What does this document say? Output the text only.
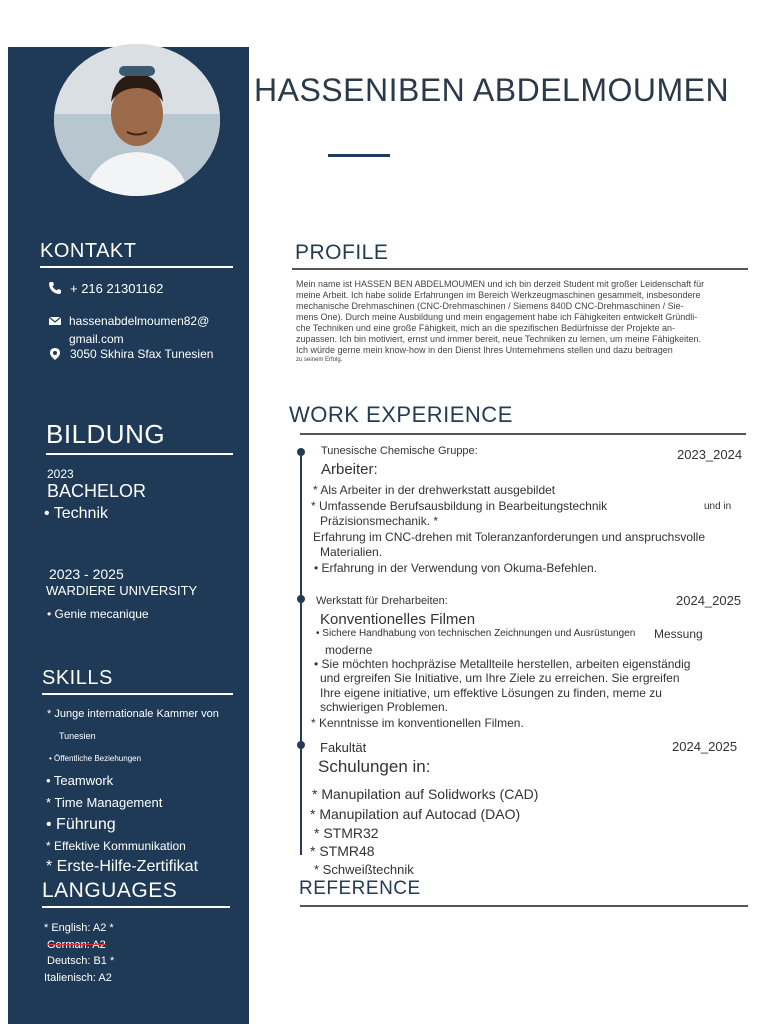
KONTAKT
+ 216 21301162
hassenabdelmoumen82@
gmail.com
3050 Skhira Sfax Tunesien
BILDUNG
2023
BACHELOR
• Technik
2023 - 2025
WARDIERE UNIVERSITY
• Genie mecanique
SKILLS
* Junge internationale Kammer von
Tunesien
• Öffentliche Beziehungen
• Teamwork
* Time Management
• Führung
* Effektive Kommunikation
* Erste-Hilfe-Zertifikat
LANGUAGES
* English: A2 *
German: A2
Deutsch: B1 *
Italienisch: A2
HASSENIBEN ABDELMOUMEN
PROFILE
Mein name ist HASSEN BEN ABDELMOUMEN und ich bin derzeit Student mit großer Leidenschaft für
meine Arbeit. Ich habe solide Erfahrungen im Bereich Werkzeugmaschinen gesammelt, insbesondere
mechanische Drehmaschinen (CNC-Drehmaschinen / Siemens 840D CNC-Drehmaschinen / Sie-
mens One). Durch meine Ausbildung und mein engagement habe ich Fähigkeiten entwickelt Gründli-
che Techniken und eine große Fähigkeit, mich an die spezifischen Bedürfnisse der Projekte an-
zupassen. Ich bin motiviert, ernst und immer bereit, neue Techniken zu lernen, um meine Fähigkeiten.
Ich würde gerne mein know-how in den Dienst Ihres Unternehmens stellen und dazu beitragen
zu seinem Erfolg.
WORK EXPERIENCE
Tunesische Chemische Gruppe:	2023_2024
Arbeiter:
* Als Arbeiter in der drehwerkstatt ausgebildet
* Umfassende Berufsausbildung in Bearbeitungstechnik	und in
Präzisionsmechanik. *
Erfahrung im CNC-drehen mit Toleranzanforderungen und anspruchsvolle
Materialien.
• Erfahrung in der Verwendung von Okuma-Befehlen.
Werkstatt für Dreharbeiten:	2024_2025
Konventionelles Filmen
• Sichere Handhabung von technischen Zeichnungen und Ausrüstungen Messung
moderne
• Sie möchten hochpräzise Metallteile herstellen, arbeiten eigenständig
und ergreifen Sie Initiative, um Ihre Ziele zu erreichen. Sie ergreifen
Ihre eigene initiative, um effektive Lösungen zu finden, meme zu
schwierigen Problemen.
* Kenntnisse im konventionellen Filmen.
Fakultät	2024_2025
Schulungen in:
* Manupilation auf Solidworks (CAD)
* Manupilation auf Autocad (DAO)
* STMR32
* STMR48
* Schweißtechnik
REFERENCE
